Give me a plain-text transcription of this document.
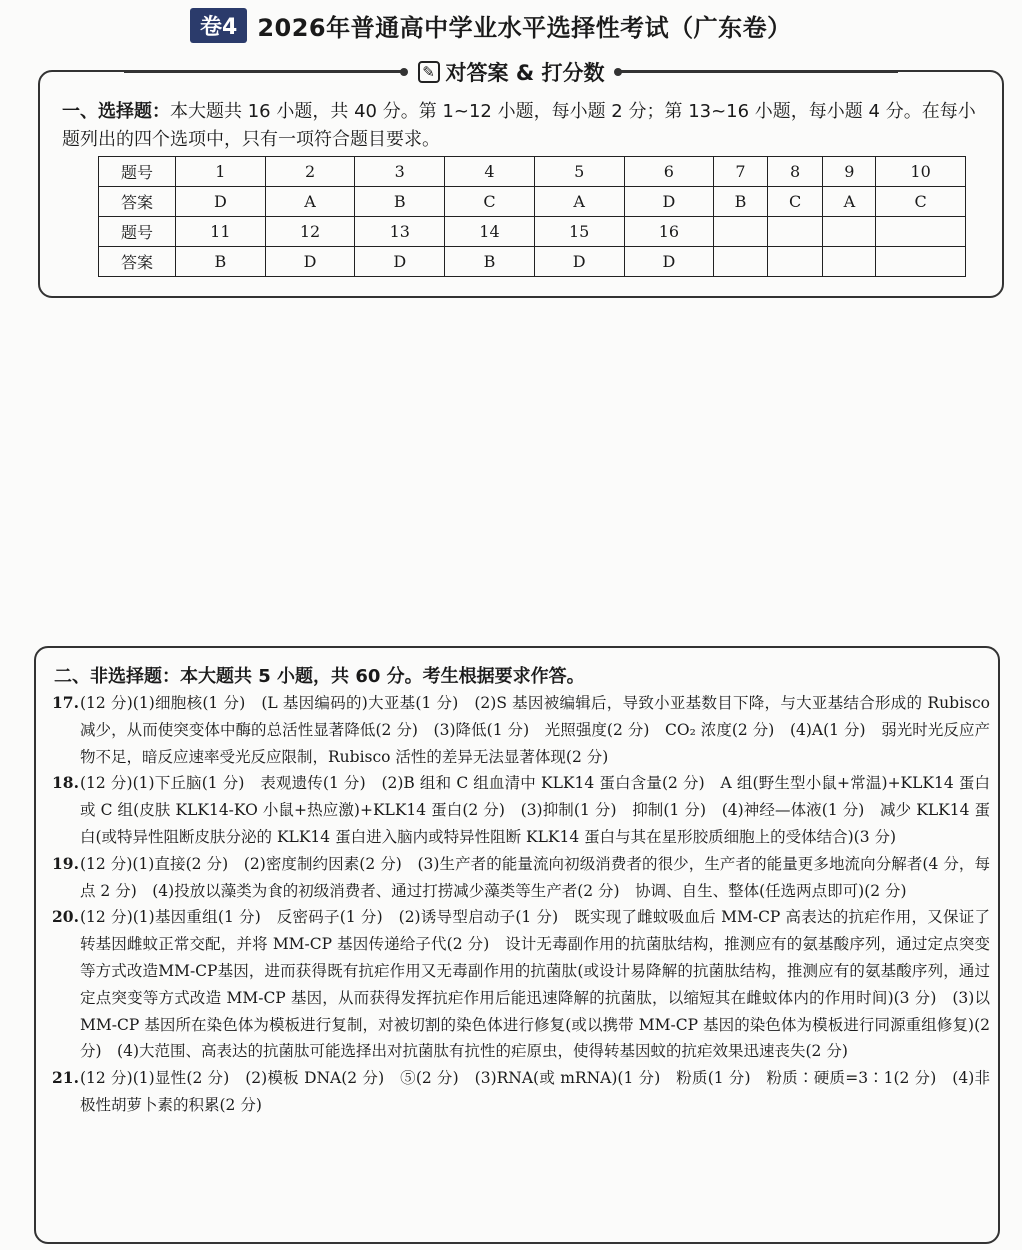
卷4 2026年普通高中学业水平选择性考试（广东卷）
✎ 对答案 & 打分数
一、选择题：本大题共 16 小题，共 40 分。第 1~12 小题，每小题 2 分；第 13~16 小题，每小题 4 分。在每小题列出的四个选项中，只有一项符合题目要求。
题号	1	2	3	4	5	6	7	8	9	10
答案	D	A	B	C	A	D	B	C	A	C
题号	11	12	13	14	15	16				
答案	B	D	D	B	D	D				
二、非选择题：本大题共 5 小题，共 60 分。考生根据要求作答。
17. (12 分)(1)细胞核(1 分)　(L 基因编码的)大亚基(1 分)　(2)S 基因被编辑后，导致小亚基数目下降，与大亚基结合形成的 Rubisco 减少，从而使突变体中酶的总活性显著降低(2 分)　(3)降低(1 分)　光照强度(2 分)　CO₂ 浓度(2 分)　(4)A(1 分)　弱光时光反应产物不足，暗反应速率受光反应限制，Rubisco 活性的差异无法显著体现(2 分)
18. (12 分)(1)下丘脑(1 分)　表观遗传(1 分)　(2)B 组和 C 组血清中 KLK14 蛋白含量(2 分)　A 组(野生型小鼠+常温)+KLK14 蛋白或 C 组(皮肤 KLK14-KO 小鼠+热应激)+KLK14 蛋白(2 分)　(3)抑制(1 分)　抑制(1 分)　(4)神经—体液(1 分)　减少 KLK14 蛋白(或特异性阻断皮肤分泌的 KLK14 蛋白进入脑内或特异性阻断 KLK14 蛋白与其在星形胶质细胞上的受体结合)(3 分)
19. (12 分)(1)直接(2 分)　(2)密度制约因素(2 分)　(3)生产者的能量流向初级消费者的很少，生产者的能量更多地流向分解者(4 分，每点 2 分)　(4)投放以藻类为食的初级消费者、通过打捞减少藻类等生产者(2 分)　协调、自生、整体(任选两点即可)(2 分)
20. (12 分)(1)基因重组(1 分)　反密码子(1 分)　(2)诱导型启动子(1 分)　既实现了雌蚊吸血后 MM-CP 高表达的抗疟作用，又保证了转基因雌蚊正常交配，并将 MM-CP 基因传递给子代(2 分)　设计无毒副作用的抗菌肽结构，推测应有的氨基酸序列，通过定点突变等方式改造MM-CP基因，进而获得既有抗疟作用又无毒副作用的抗菌肽(或设计易降解的抗菌肽结构，推测应有的氨基酸序列，通过定点突变等方式改造 MM-CP 基因，从而获得发挥抗疟作用后能迅速降解的抗菌肽，以缩短其在雌蚊体内的作用时间)(3 分)　(3)以MM-CP 基因所在染色体为模板进行复制，对被切割的染色体进行修复(或以携带 MM-CP 基因的染色体为模板进行同源重组修复)(2 分)　(4)大范围、高表达的抗菌肽可能选择出对抗菌肽有抗性的疟原虫，使得转基因蚊的抗疟效果迅速丧失(2 分)
21. (12 分)(1)显性(2 分)　(2)模板 DNA(2 分)　⑤(2 分)　(3)RNA(或 mRNA)(1 分)　粉质(1 分)　粉质∶硬质=3∶1(2 分)　(4)非极性胡萝卜素的积累(2 分)
